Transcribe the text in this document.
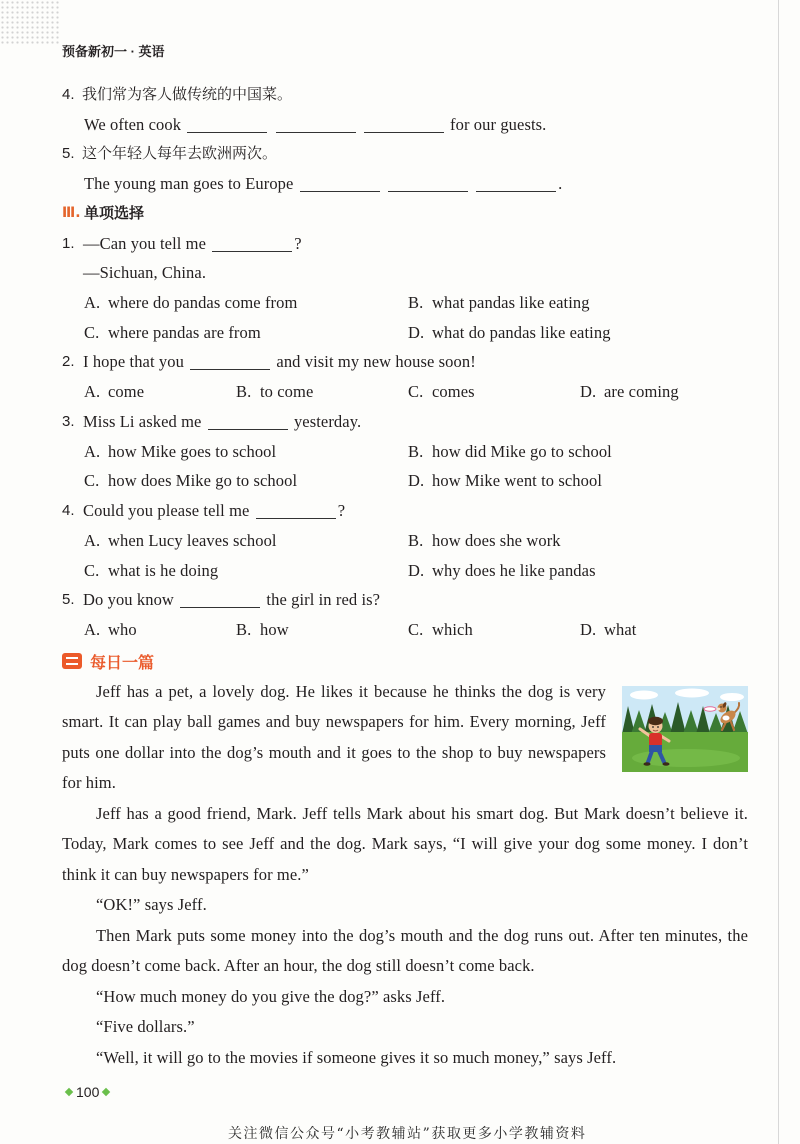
预备新初一 · 英语
4. 我们常为客人做传统的中国菜。
We often cook	for our guests.
5. 这个年轻人每年去欧洲两次。
The young man goes to Europe	.
Ⅲ. 单项选择
1. —Can you tell me	?
—Sichuan, China.
A. where do pandas come from	B. what pandas like eating
C. where pandas are from	D. what do pandas like eating
2. I hope that you	and visit my new house soon!
A. come	B. to come	C. comes	D. are coming
3. Miss Li asked me	yesterday.
A. how Mike goes to school	B. how did Mike go to school
C. how does Mike go to school	D. how Mike went to school
4. Could you please tell me	?
A. when Lucy leaves school	B. how does she work
C. what is he doing	D. why does he like pandas
5. Do you know	the girl in red is?
A. who	B. how	C. which	D. what
每日一篇
Jeff has a pet, a lovely dog. He likes it because he thinks the dog is very
smart. It can play ball games and buy newspapers for him. Every morning, Jeff
puts one dollar into the dog’s mouth and it goes to the shop to buy newspapers
for him.
Jeff has a good friend, Mark. Jeff tells Mark about his smart dog. But Mark doesn’t believe it.
Today, Mark comes to see Jeff and the dog. Mark says, “I will give your dog some money. I don’t
think it can buy newspapers for me.”
“OK!” says Jeff.
Then Mark puts some money into the dog’s mouth and the dog runs out. After ten minutes, the
dog doesn’t come back. After an hour, the dog still doesn’t come back.
“How much money do you give the dog?” asks Jeff.
“Five dollars.”
“Well, it will go to the movies if someone gives it so much money,” says Jeff.
100
关注微信公众号“小考教辅站”获取更多小学教辅资料
